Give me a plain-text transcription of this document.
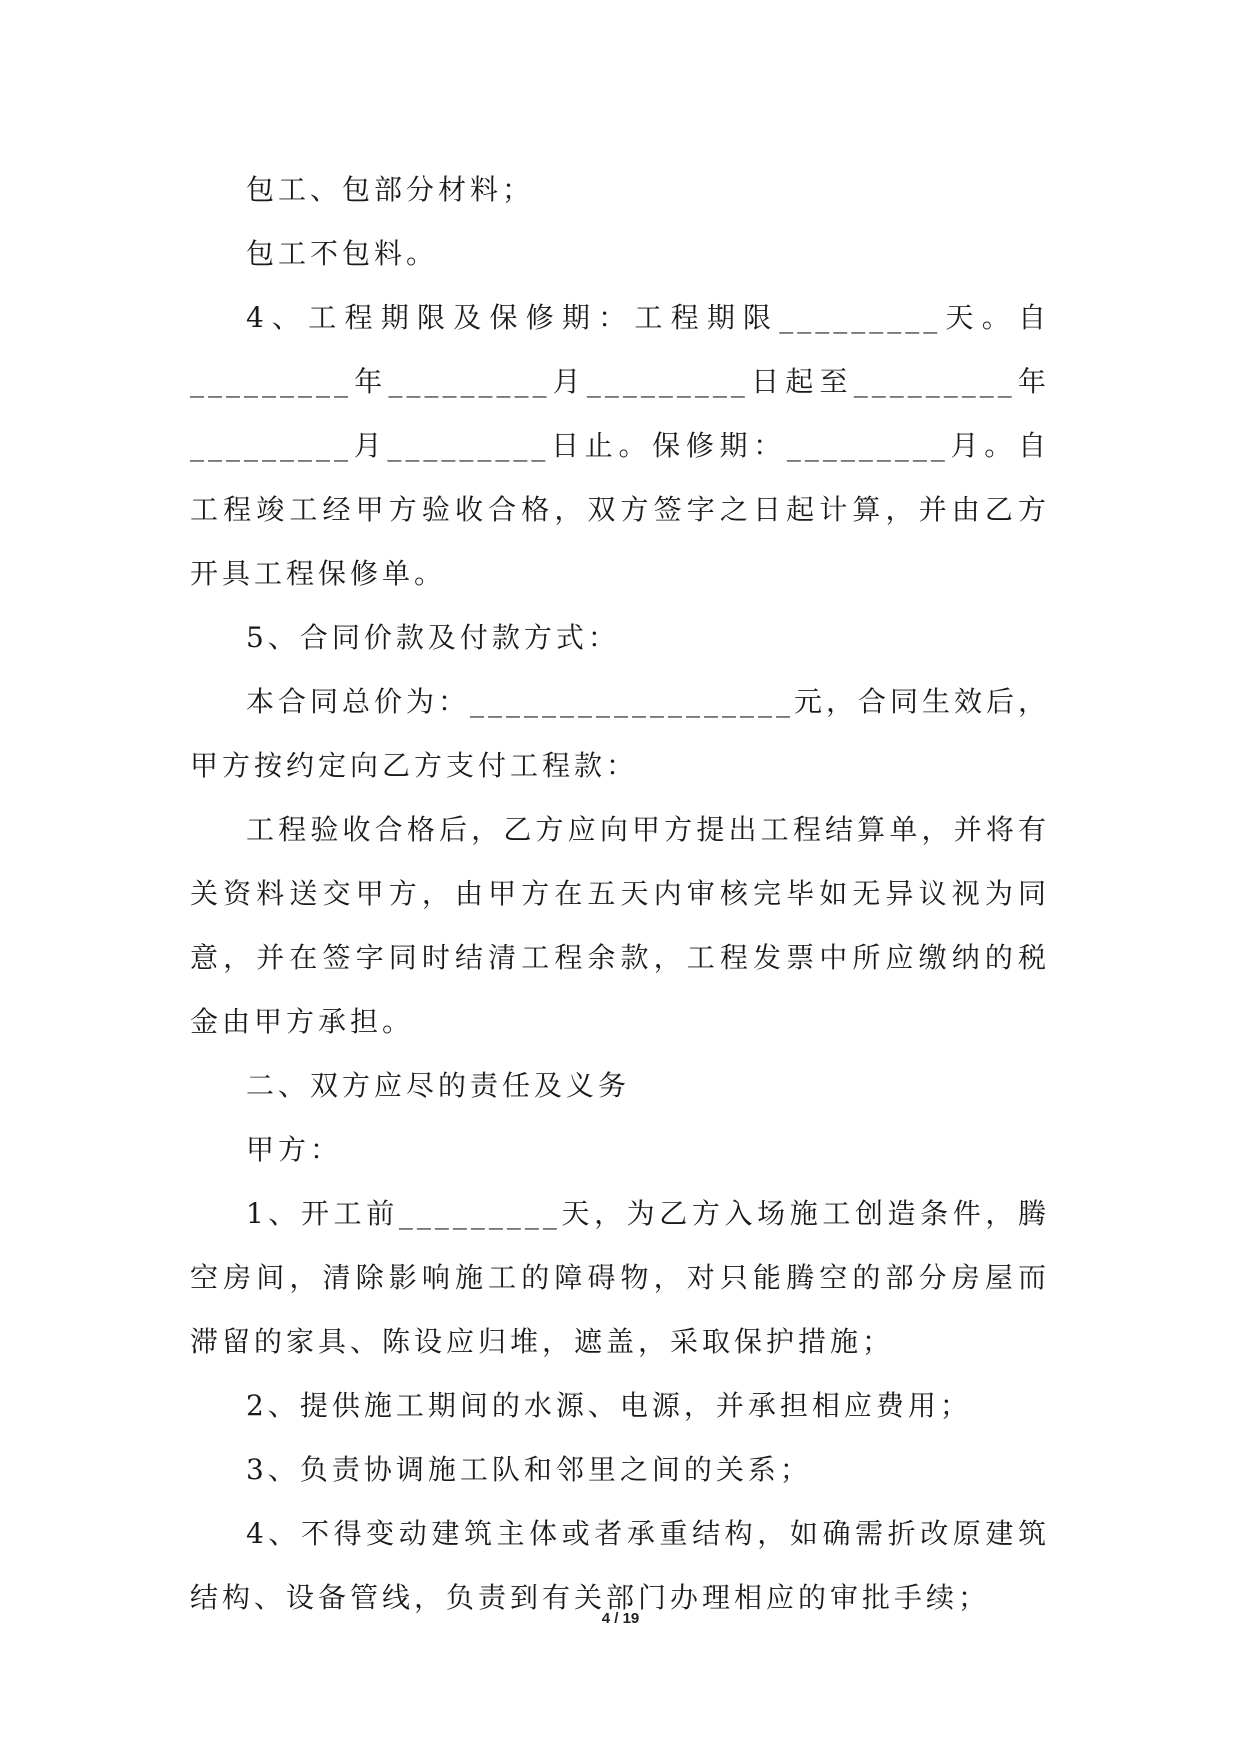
包工、包部分材料；

包工不包料。

4、工程期限及保修期：工程期限_________天。自_________年_________月_________日起至_________年 _________月_________日止。保修期：_________月。自工程竣工经甲方验收合格，双方签字之日起计算，并由乙方开具工程保修单。

5、合同价款及付款方式：

本合同总价为：__________________元，合同生效后，甲方按约定向乙方支付工程款：

工程验收合格后，乙方应向甲方提出工程结算单，并将有关资料送交甲方，由甲方在五天内审核完毕如无异议视为同意，并在签字同时结清工程余款，工程发票中所应缴纳的税金由甲方承担。

二、双方应尽的责任及义务

甲方：

1、开工前_________天，为乙方入场施工创造条件，腾空房间，清除影响施工的障碍物，对只能腾空的部分房屋而滞留的家具、陈设应归堆，遮盖，采取保护措施；

2、提供施工期间的水源、电源，并承担相应费用；

3、负责协调施工队和邻里之间的关系；

4、不得变动建筑主体或者承重结构，如确需折改原建筑结构、设备管线，负责到有关部门办理相应的审批手续；

4 / 19
